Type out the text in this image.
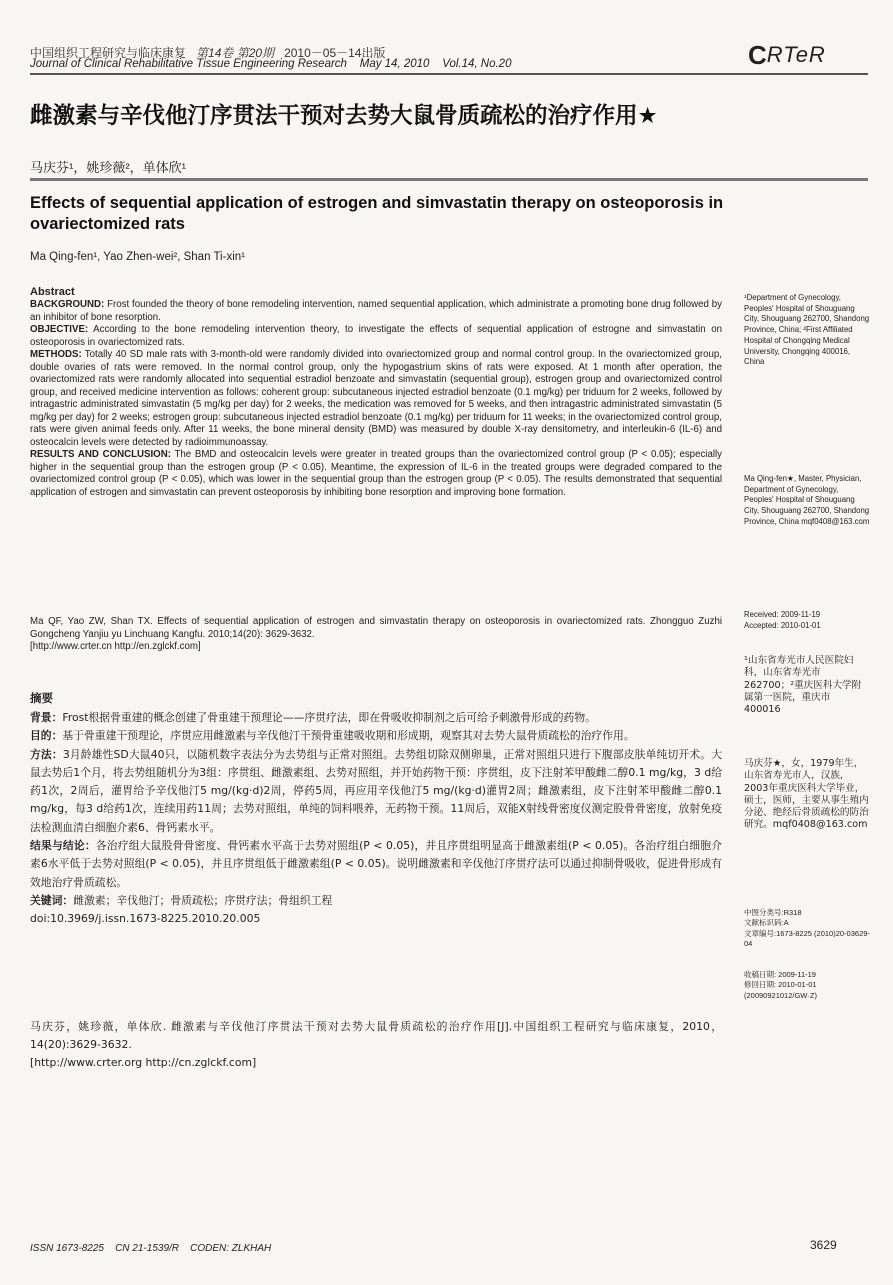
中国组织工程研究与临床康复 第14卷 第20期 2010－05－14出版
Journal of Clinical Rehabilitative Tissue Engineering Research May 14, 2010 Vol.14, No.20	CRTeR
雌激素与辛伐他汀序贯法干预对去势大鼠骨质疏松的治疗作用★
马庆芬¹，姚珍薇²，单体欣¹
Effects of sequential application of estrogen and simvastatin therapy on osteoporosis in ovariectomized rats
Ma Qing-fen¹, Yao Zhen-wei², Shan Ti-xin¹
Abstract

BACKGROUND: Frost founded the theory of bone remodeling intervention, named sequential application, which administrate a promoting bone drug followed by an inhibitor of bone resorption.

OBJECTIVE: According to the bone remodeling intervention theory, to investigate the effects of sequential application of estrogne and simvastatin on osteoporosis in ovariectomized rats.

METHODS: Totally 40 SD male rats with 3-month-old were randomly divided into ovariectomized group and normal control group. In the ovariectomized group, double ovaries of rats were removed. In the normal control group, only the hypogastrium skins of rats were exposed. At 1 month after operation, the ovariectomized rats were randomly allocated into sequential estradiol benzoate and simvastatin (sequential group), estrogen group and ovariectomized control group, and received medicine intervention as follows: coherent group: subcutaneous injected estradiol benzoate (0.1 mg/kg) per triduum for 2 weeks, followed by intragastric administrated simvastatin (5 mg/kg per day) for 2 weeks, the medication was removed for 5 weeks, and then intragastric administrated simvastatin (5 mg/kg per day) for 2 weeks; estrogen group: subcutaneous injected estradiol benzoate (0.1 mg/kg) per triduum for 11 weeks; in the ovariectomized control group, rats were given animal feeds only. After 11 weeks, the bone mineral density (BMD) was measured by double X-ray densitometry, and interleukin-6 (IL-6) and osteocalcin levels were detected by radioimmunoassay.

RESULTS AND CONCLUSION: The BMD and osteocalcin levels were greater in treated groups than the ovariectomized control group (P < 0.05); especially higher in the sequential group than the estrogen group (P < 0.05). Meantime, the expression of IL-6 in the treated groups were degraded compared to the ovariectomized control group (P < 0.05), which was lower in the sequential group than the estrogen group (P < 0.05). The results demonstrated that sequential application of estrogen and simvastatin can prevent osteoporosis by inhibiting bone resorption and improving bone formation.

Ma QF, Yao ZW, Shan TX. Effects of sequential application of estrogen and simvastatin therapy on osteoporosis in ovariectomized rats. Zhongguo Zuzhi Gongcheng Yanjiu yu Linchuang Kangfu. 2010;14(20): 3629-3632.

[http://www.crter.cn http://en.zglckf.com]

摘要

背景：Frost根据骨重建的概念创建了骨重建干预理论——序贯疗法，即在骨吸收抑制剂之后可给予刺激骨形成的药物。

目的：基于骨重建干预理论，序贯应用雌激素与辛伐他汀干预骨重建吸收期和形成期，观察其对去势大鼠骨质疏松的治疗作用。

方法：3月龄雄性SD大鼠40只，以随机数字表法分为去势组与正常对照组。去势组切除双侧卵巢，正常对照组只进行下腹部皮肤单纯切开术。大鼠去势后1个月，将去势组随机分为3组：序贯组、雌激素组、去势对照组，并开始药物干预：序贯组，皮下注射苯甲酸雌二醇0.1 mg/kg，3 d给药1次，2周后，灌胃给予辛伐他汀5 mg/(kg·d)2周，停药5周，再应用辛伐他汀5 mg/(kg·d)灌胃2周；雌激素组，皮下注射苯甲酸雌二醇0.1 mg/kg，每3 d给药1次，连续用药11周；去势对照组，单纯的饲料喂养，无药物干预。11周后，双能X射线骨密度仪测定股骨骨密度，放射免疫法检测血清白细胞介素6、骨钙素水平。

结果与结论：各治疗组大鼠股骨骨密度、骨钙素水平高于去势对照组(P < 0.05)，并且序贯组明显高于雌激素组(P < 0.05)。各治疗组白细胞介素6水平低于去势对照组(P < 0.05)，并且序贯组低于雌激素组(P < 0.05)。说明雌激素和辛伐他汀序贯疗法可以通过抑制骨吸收，促进骨形成有效地治疗骨质疏松。

关键词：雌激素；辛伐他汀；骨质疏松；序贯疗法；骨组织工程

doi:10.3969/j.issn.1673-8225.2010.20.005

马庆芬，姚珍薇，单体欣. 雌激素与辛伐他汀序贯法干预对去势大鼠骨质疏松的治疗作用[J].中国组织工程研究与临床康复，2010，14(20):3629-3632.

[http://www.crter.org http://cn.zglckf.com]

¹Department of Gynecology, Peoples' Hospital of Shouguang City, Shouguang 262700, Shandong Province, China; ²First Affiliated Hospital of Chongqing Medical University, Chongqing 400016, China
Ma Qing-fen★, Master, Physician, Department of Gynecology, Peoples' Hospital of Shouguang City, Shouguang 262700, Shandong Province, China mqf0408@163.com

Received: 2009-11-19

Accepted: 2010-01-01

¹山东省寿光市人民医院妇科，山东省寿光市 262700；²重庆医科大学附属第一医院，重庆市 400016
马庆芬★，女，1979年生，山东省寿光市人，汉族，2003年重庆医科大学毕业，硕士，医师，主要从事生殖内分泌、绝经后骨质疏松的防治研究。mqf0408@163.com

中图分类号:R318

文献标识码:A

文章编号:1673-8225 (2010)20-03629-04

收稿日期: 2009-11-19

修回日期: 2010-01-01 (20090921012/GW·Z)

ISSN 1673-8225 CN 21-1539/R CODEN: ZLKHAH	3629
